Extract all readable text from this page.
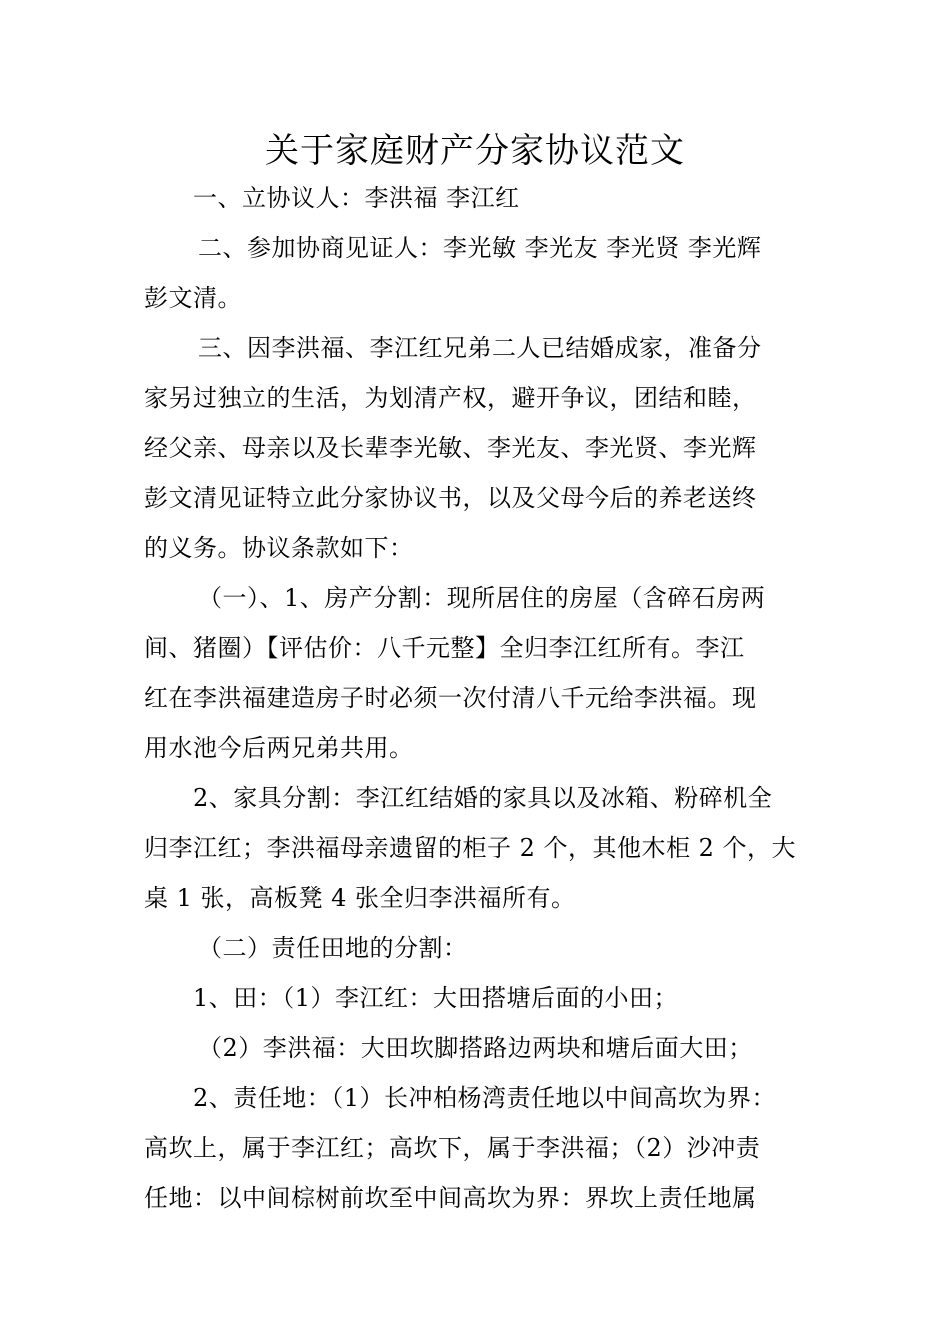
关于家庭财产分家协议范文
一、立协议人：李洪福 李江红
二、参加协商见证人：李光敏 李光友 李光贤 李光辉
彭文清。
三、因李洪福、李江红兄弟二人已结婚成家，准备分
家另过独立的生活，为划清产权，避开争议，团结和睦，
经父亲、母亲以及长辈李光敏、李光友、李光贤、李光辉
彭文清见证特立此分家协议书，以及父母今后的养老送终
的义务。协议条款如下：
（一）、1、房产分割：现所居住的房屋（含碎石房两
间、猪圈）【评估价：八千元整】全归李江红所有。李江
红在李洪福建造房子时必须一次付清八千元给李洪福。现
用水池今后两兄弟共用。
2、家具分割：李江红结婚的家具以及冰箱、粉碎机全
归李江红；李洪福母亲遗留的柜子 2 个，其他木柜 2 个，大
桌 1 张，高板凳 4 张全归李洪福所有。
（二）责任田地的分割：
1、田：（1）李江红：大田搭塘后面的小田；
（2）李洪福：大田坎脚搭路边两块和塘后面大田；
2、责任地：（1）长冲柏杨湾责任地以中间高坎为界：
高坎上，属于李江红；高坎下，属于李洪福；（2）沙冲责
任地：以中间棕树前坎至中间高坎为界：界坎上责任地属
